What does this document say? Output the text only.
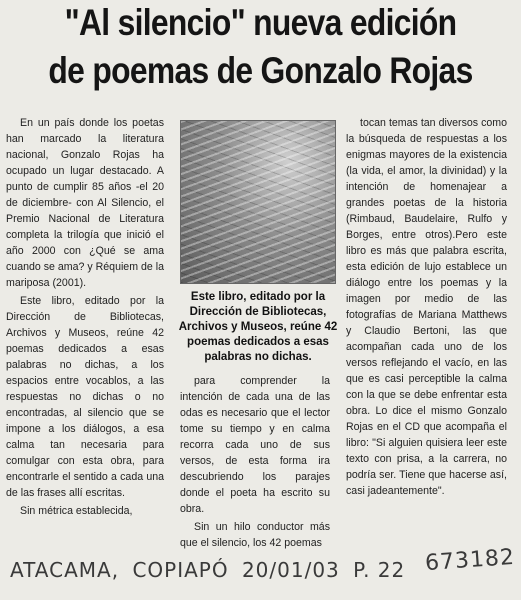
"Al silencio" nueva edición
de poemas de Gonzalo Rojas

En un país donde los poetas han marcado la literatura nacional, Gonzalo Rojas ha ocupado un lugar destacado. A punto de cumplir 85 años -el 20 de diciembre- con Al Silencio, el Premio Nacional de Literatura completa la trilogía que inició el año 2000 con ¿Qué se ama cuando se ama? y Réquiem de la mariposa (2001).

Este libro, editado por la Dirección de Bibliotecas, Archivos y Museos, reúne 42 poemas dedicados a esas palabras no dichas, a los espacios entre vocablos, a las respuestas no dichas o no encontradas, al silencio que se impone a los diálogos, a esa calma tan necesaria para comulgar con esta obra, para encontrarle el sentido a cada una de las frases allí escritas.

Sin métrica establecida,

Este libro, editado por la Dirección de Bibliotecas, Archivos y Museos, reúne 42 poemas dedicados a esas palabras no dichas.

para comprender la intención de cada una de las odas es necesario que el lector tome su tiempo y en calma recorra cada uno de sus versos, de esta forma ira descubriendo los parajes donde el poeta ha escrito su obra.

Sin un hilo conductor más que el silencio, los 42 poemas

tocan temas tan diversos como la búsqueda de respuestas a los enigmas mayores de la existencia (la vida, el amor, la divinidad) y la intención de homenajear a grandes poetas de la historia (Rimbaud, Baudelaire, Rulfo y Borges, entre otros).Pero este libro es más que palabra escrita, esta edición de lujo establece un diálogo entre los poemas y la imagen por medio de las fotografías de Mariana Matthews y Claudio Bertoni, las que acompañan cada uno de los versos reflejando el vacío, en las que es casi perceptible la calma con la que se debe enfrentar esta obra. Lo dice el mismo Gonzalo Rojas en el CD que acompaña el libro: "Si alguien quisiera leer este texto con prisa, a la carrera, no podría ser. Tiene que hacerse así, casi jadeantemente".

ATACAMA, COPIAPÓ 20/01/03 P. 22 673182
